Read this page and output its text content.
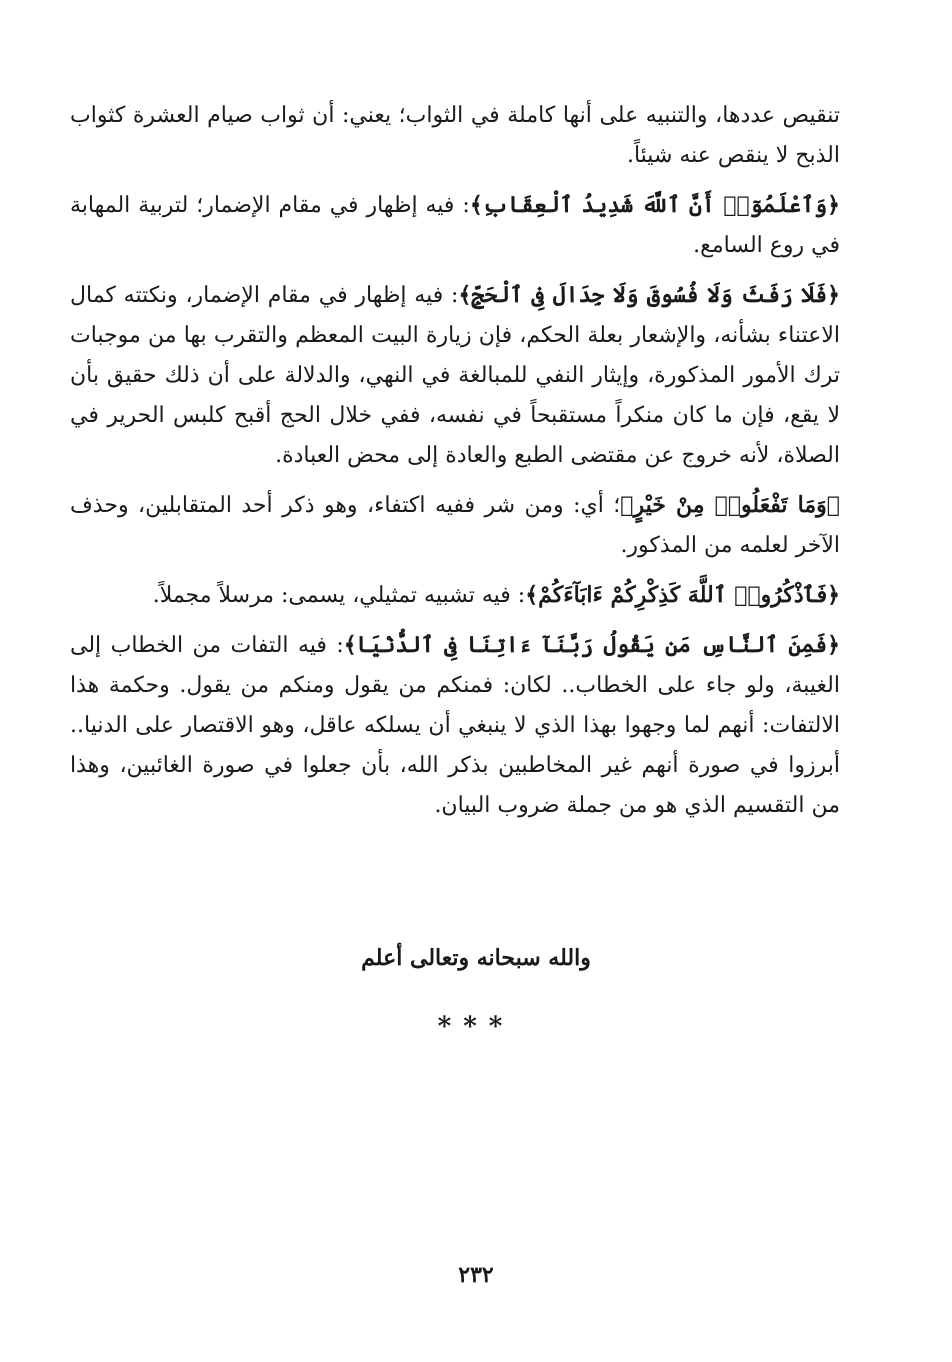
تنقيص عددها، والتنبيه على أنها كاملة في الثواب؛ يعني: أن ثواب صيام العشرة كثواب الذبح لا ينقص عنه شيئاً.

﴿وَٱعْلَمُوٓا۟ أَنَّ ٱللَّهَ شَدِيدُ ٱلْعِقَابِ﴾: فيه إظهار في مقام الإضمار؛ لتربية المهابة في روع السامع.

﴿فَلَا رَفَثَ وَلَا فُسُوقَ وَلَا جِدَالَ فِى ٱلْحَجِّ﴾: فيه إظهار في مقام الإضمار، ونكتته كمال الاعتناء بشأنه، والإشعار بعلة الحكم، فإن زيارة البيت المعظم والتقرب بها من موجبات ترك الأمور المذكورة، وإيثار النفي للمبالغة في النهي، والدلالة على أن ذلك حقيق بأن لا يقع، فإن ما كان منكراً مستقبحاً في نفسه، ففي خلال الحج أقبح كلبس الحرير في الصلاة، لأنه خروج عن مقتضى الطبع والعادة إلى محض العبادة.

﴿وَمَا تَفْعَلُوا۟ مِنْ خَيْرٍ﴾؛ أي: ومن شر ففيه اكتفاء، وهو ذكر أحد المتقابلين، وحذف الآخر لعلمه من المذكور.

﴿فَٱذْكُرُوا۟ ٱللَّهَ كَذِكْرِكُمْ ءَابَآءَكُمْ﴾: فيه تشبيه تمثيلي، يسمى: مرسلاً مجملاً.

﴿فَمِنَ ٱلنَّاسِ مَن يَقُولُ رَبَّنَآ ءَاتِنَا فِى ٱلدُّنْيَا﴾: فيه التفات من الخطاب إلى الغيبة، ولو جاء على الخطاب.. لكان: فمنكم من يقول ومنكم من يقول. وحكمة هذا الالتفات: أنهم لما وجهوا بهذا الذي لا ينبغي أن يسلكه عاقل، وهو الاقتصار على الدنيا.. أبرزوا في صورة أنهم غير المخاطبين بذكر الله، بأن جعلوا في صورة الغائبين، وهذا من التقسيم الذي هو من جملة ضروب البيان.

والله سبحانه وتعالى أعلم
***
٢٣٢
